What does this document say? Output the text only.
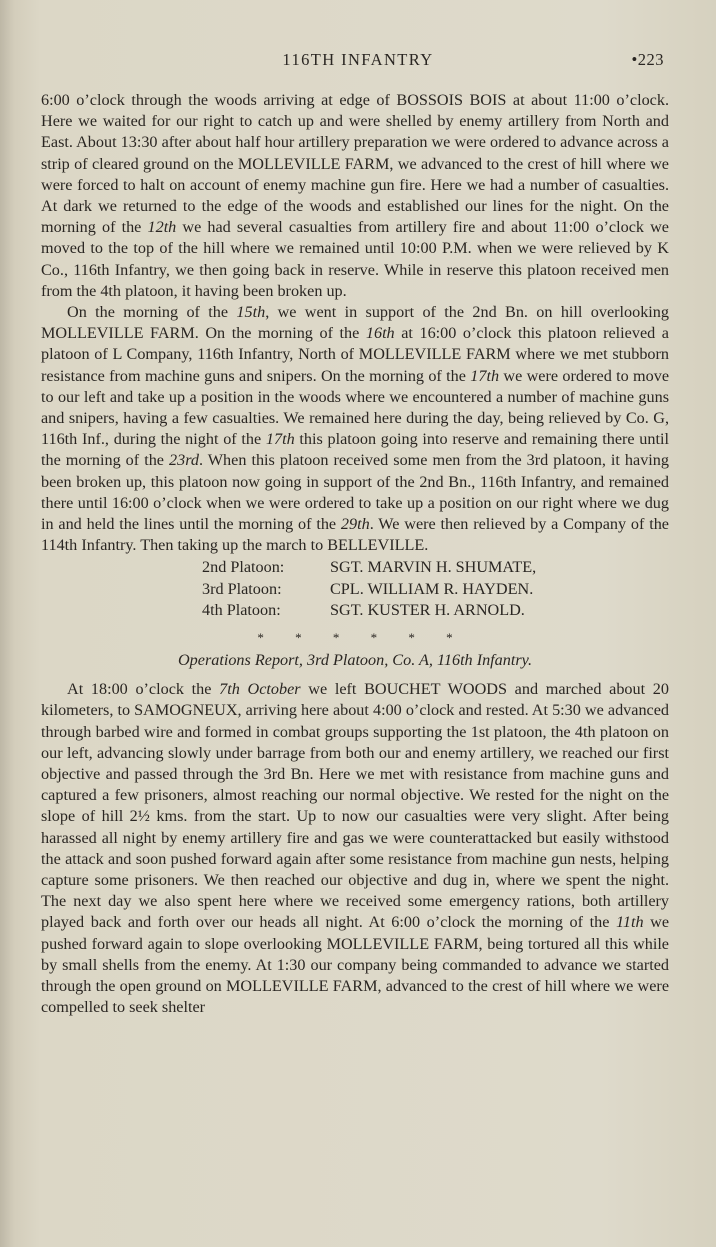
116TH INFANTRY	•223

6:00 o’clock through the woods arriving at edge of BOSSOIS BOIS at about 11:00 o’clock. Here we waited for our right to catch up and were shelled by enemy artillery from North and East. About 13:30 after about half hour artillery preparation we were ordered to advance across a strip of cleared ground on the MOLLEVILLE FARM, we advanced to the crest of hill where we were forced to halt on account of enemy machine gun fire. Here we had a number of casualties. At dark we returned to the edge of the woods and established our lines for the night. On the morning of the 12th we had several casualties from artillery fire and about 11:00 o’clock we moved to the top of the hill where we remained until 10:00 P.M. when we were relieved by K Co., 116th Infantry, we then going back in reserve. While in reserve this platoon received men from the 4th platoon, it having been broken up.

On the morning of the 15th, we went in support of the 2nd Bn. on hill overlooking MOLLEVILLE FARM. On the morning of the 16th at 16:00 o’clock this platoon relieved a platoon of L Company, 116th Infantry, North of MOLLEVILLE FARM where we met stubborn resistance from machine guns and snipers. On the morning of the 17th we were ordered to move to our left and take up a position in the woods where we encountered a number of machine guns and snipers, having a few casualties. We remained here during the day, being relieved by Co. G, 116th Inf., during the night of the 17th this platoon going into reserve and remaining there until the morning of the 23rd. When this platoon received some men from the 3rd platoon, it having been broken up, this platoon now going in support of the 2nd Bn., 116th Infantry, and remained there until 16:00 o’clock when we were ordered to take up a position on our right where we dug in and held the lines until the morning of the 29th. We were then relieved by a Company of the 114th Infantry. Then taking up the march to BELLEVILLE.

2nd Platoon:	SGT. MARVIN H. SHUMATE,
3rd Platoon:	CPL. WILLIAM R. HAYDEN.
4th Platoon:	SGT. KUSTER H. ARNOLD.
* * * * * *
Operations Report, 3rd Platoon, Co. A, 116th Infantry.

At 18:00 o’clock the 7th October we left BOUCHET WOODS and marched about 20 kilometers, to SAMOGNEUX, arriving here about 4:00 o’clock and rested. At 5:30 we advanced through barbed wire and formed in combat groups supporting the 1st platoon, the 4th platoon on our left, advancing slowly under barrage from both our and enemy artillery, we reached our first objective and passed through the 3rd Bn. Here we met with resistance from machine guns and captured a few prisoners, almost reaching our normal objective. We rested for the night on the slope of hill 2½ kms. from the start. Up to now our casualties were very slight. After being harassed all night by enemy artillery fire and gas we were counterattacked but easily withstood the attack and soon pushed forward again after some resistance from machine gun nests, helping capture some prisoners. We then reached our objective and dug in, where we spent the night. The next day we also spent here where we received some emergency rations, both artillery played back and forth over our heads all night. At 6:00 o’clock the morning of the 11th we pushed forward again to slope overlooking MOLLEVILLE FARM, being tortured all this while by small shells from the enemy. At 1:30 our company being commanded to advance we started through the open ground on MOLLEVILLE FARM, advanced to the crest of hill where we were compelled to seek shelter
